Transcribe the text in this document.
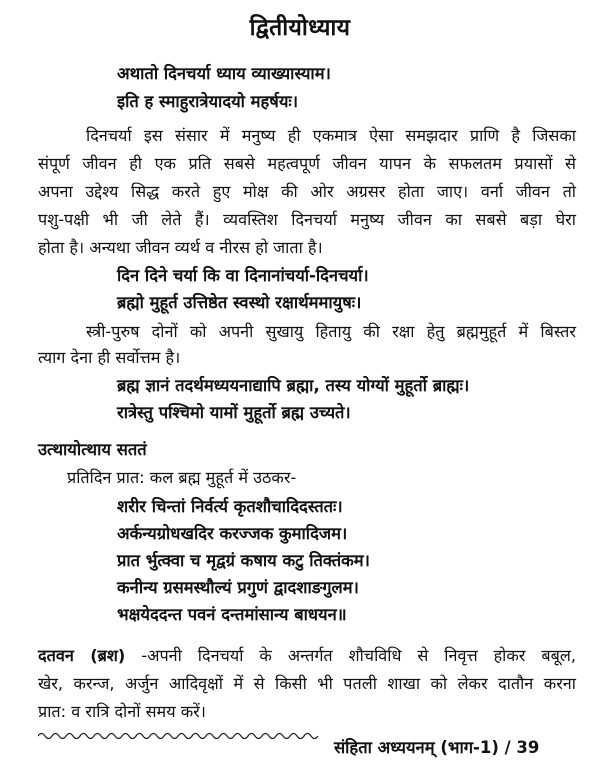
द्वितीयोध्याय
अथातो दिनचर्या ध्याय व्याख्यास्याम।
इति ह स्माहुरात्रेयादयो महर्षयः।
दिनचर्या इस संसार में मनुष्य ही एकमात्र ऐसा समझदार प्राणि है जिसका
संपूर्ण जीवन ही एक प्रति सबसे महत्वपूर्ण जीवन यापन के सफलतम प्रयासों से
अपना उद्देश्य सिद्ध करते हुए मोक्ष की ओर अग्रसर होता जाए। वर्ना जीवन तो
पशु-पक्षी भी जी लेते हैं। व्यवस्तिश दिनचर्या मनुष्य जीवन का सबसे बड़ा घेरा
होता है। अन्यथा जीवन व्यर्थ व नीरस हो जाता है।
दिन दिने चर्या कि वा दिनानांचर्या-दिनचर्या।
ब्रह्मो मुहूर्त उत्तिष्ठेत स्वस्थो रक्षार्थममायुषः।
स्त्री-पुरुष दोनों को अपनी सुखायु हितायु की रक्षा हेतु ब्रह्ममुहूर्त में बिस्तर
त्याग देना ही सर्वोत्तम है।
ब्रह्म ज्ञानं तदर्थमध्ययनाद्यापि ब्रह्मा, तस्य योग्यों मुहूर्तो ब्राह्मः।
रात्रेस्तु पश्चिमो यामों मुहूर्तो ब्रह्म उच्यते।
उत्थायोत्थाय सततं
प्रतिदिन प्रात: कल ब्रह्म मुहूर्त में उठकर-
शरीर चिन्तां निर्वर्त्य कृतशौचादिदस्ततः।
अर्कन्यग्रोधखदिर करज्जक कुमादिजम।
प्रात र्भुत्क्वा च मृद्वग्रं कषाय कटु तिक्तंकम।
कनीन्य ग्रसमस्थौल्यं प्रगुणं द्वादशाङगुलम।
भक्षयेददन्त पवनं दन्तमांसान्य बाधयन॥
दतवन (ब्रश) -अपनी दिनचर्या के अन्तर्गत शौचविधि से निवृत्त होकर बबूल,
खेर, करन्ज, अर्जुन आदिवृक्षों में से किसी भी पतली शाखा को लेकर दातौन करना
प्रात: व रात्रि दोनों समय करें।
संहिता अध्ययनम् (भाग-1) / 39
